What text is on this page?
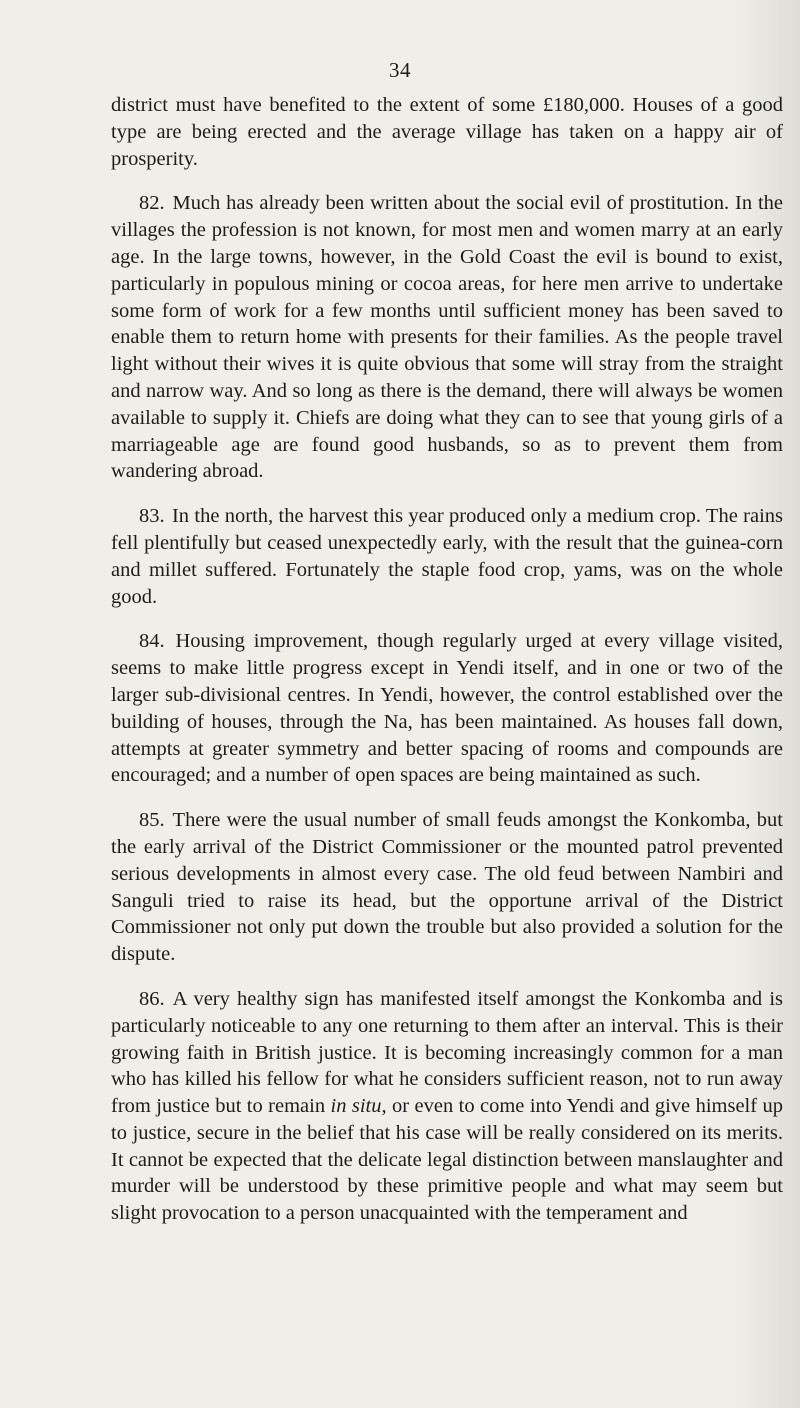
34

district must have benefited to the extent of some £180,000. Houses of a good type are being erected and the average village has taken on a happy air of prosperity.

82. Much has already been written about the social evil of prostitution. In the villages the profession is not known, for most men and women marry at an early age. In the large towns, however, in the Gold Coast the evil is bound to exist, particularly in populous mining or cocoa areas, for here men arrive to undertake some form of work for a few months until sufficient money has been saved to enable them to return home with presents for their families. As the people travel light without their wives it is quite obvious that some will stray from the straight and narrow way. And so long as there is the demand, there will always be women available to supply it. Chiefs are doing what they can to see that young girls of a marriageable age are found good husbands, so as to prevent them from wandering abroad.

83. In the north, the harvest this year produced only a medium crop. The rains fell plentifully but ceased unexpectedly early, with the result that the guinea-corn and millet suffered. Fortunately the staple food crop, yams, was on the whole good.

84. Housing improvement, though regularly urged at every village visited, seems to make little progress except in Yendi itself, and in one or two of the larger sub-divisional centres. In Yendi, however, the control established over the building of houses, through the Na, has been maintained. As houses fall down, attempts at greater symmetry and better spacing of rooms and compounds are encouraged; and a number of open spaces are being maintained as such.

85. There were the usual number of small feuds amongst the Konkomba, but the early arrival of the District Commissioner or the mounted patrol prevented serious developments in almost every case. The old feud between Nambiri and Sanguli tried to raise its head, but the opportune arrival of the District Commissioner not only put down the trouble but also provided a solution for the dispute.

86. A very healthy sign has manifested itself amongst the Konkomba and is particularly noticeable to any one returning to them after an interval. This is their growing faith in British justice. It is becoming increasingly common for a man who has killed his fellow for what he considers sufficient reason, not to run away from justice but to remain in situ, or even to come into Yendi and give himself up to justice, secure in the belief that his case will be really considered on its merits. It cannot be expected that the delicate legal distinction between manslaughter and murder will be understood by these primitive people and what may seem but slight provocation to a person unacquainted with the temperament and
